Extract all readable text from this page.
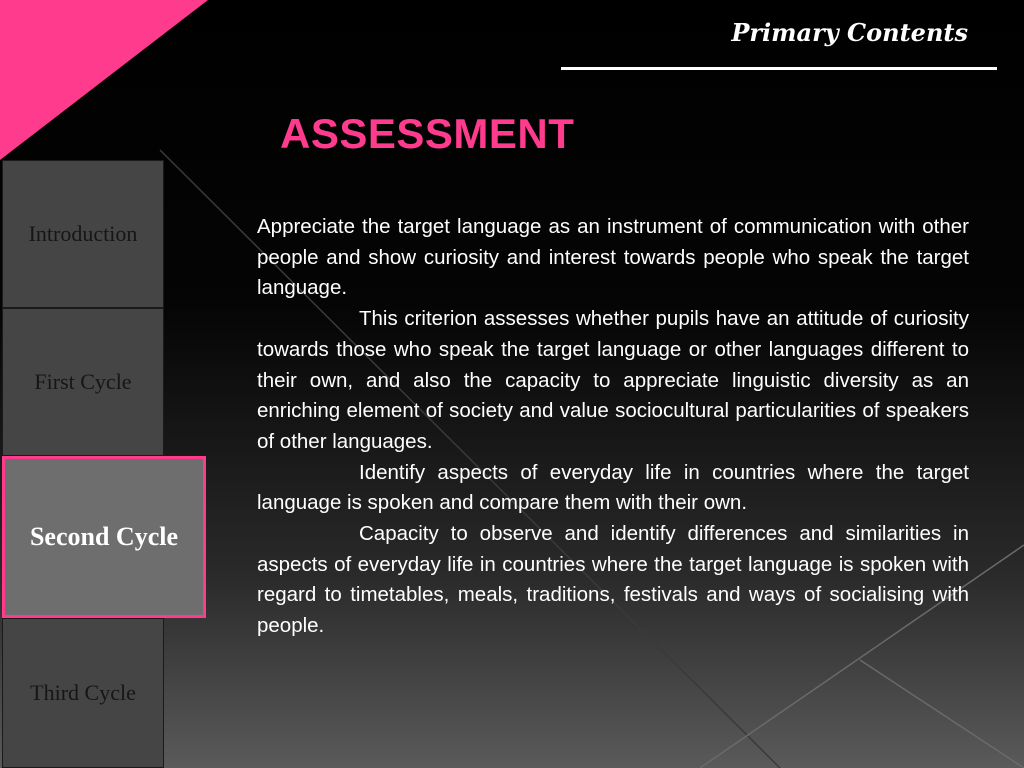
Primary Contents
ASSESSMENT
Introduction
First Cycle
Third Cycle
Second Cycle

Appreciate the target language as an instrument of communication with other people and show curiosity and interest towards people who speak the target language.

This criterion assesses whether pupils have an attitude of curiosity towards those who speak the target language or other languages different to their own, and also the capacity to appreciate linguistic diversity as an enriching element of society and value sociocultural particularities of speakers of other languages.

Identify aspects of everyday life in countries where the target language is spoken and compare them with their own.

Capacity to observe and identify differences and similarities in aspects of everyday life in countries where the target language is spoken with regard to timetables, meals, traditions, festivals and ways of socialising with people.
